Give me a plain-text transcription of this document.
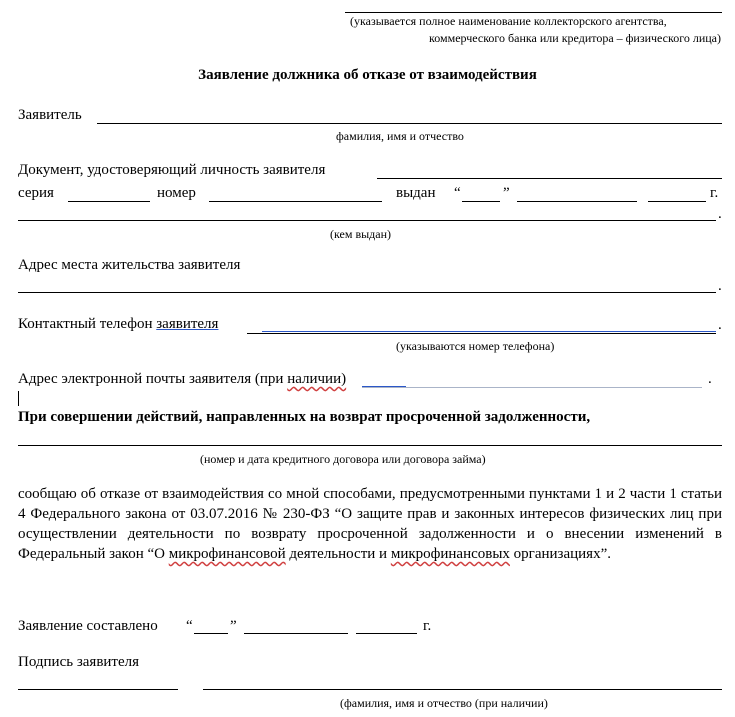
(указывается полное наименование коллекторского агентства,
коммерческого банка или кредитора – физического лица)
Заявление должника об отказе от взаимодействия
Заявитель
фамилия, имя и отчество
Документ, удостоверяющий личность заявителя
серия	номер	выдан “	”	г.
.
(кем выдан)
Адрес места жительства заявителя
.
Контактный телефон заявителя	.
(указываются номер телефона)
Адрес электронной почты заявителя (при наличии)	.
При совершении действий, направленных на возврат просроченной задолженности,
(номер и дата кредитного договора или договора займа)
сообщаю об отказе от взаимодействия со мной способами, предусмотренными пунктами 1 и 2 части 1 статьи 4 Федерального закона от 03.07.2016 № 230-ФЗ “О защите прав и законных интересов физических лиц при осуществлении деятельности по возврату просроченной задолженности и о внесении изменений в Федеральный закон “О микрофинансовой деятельности и микрофинансовых организациях”.
Заявление составлено “ ”	г.
Подпись заявителя
(фамилия, имя и отчество (при наличии)
